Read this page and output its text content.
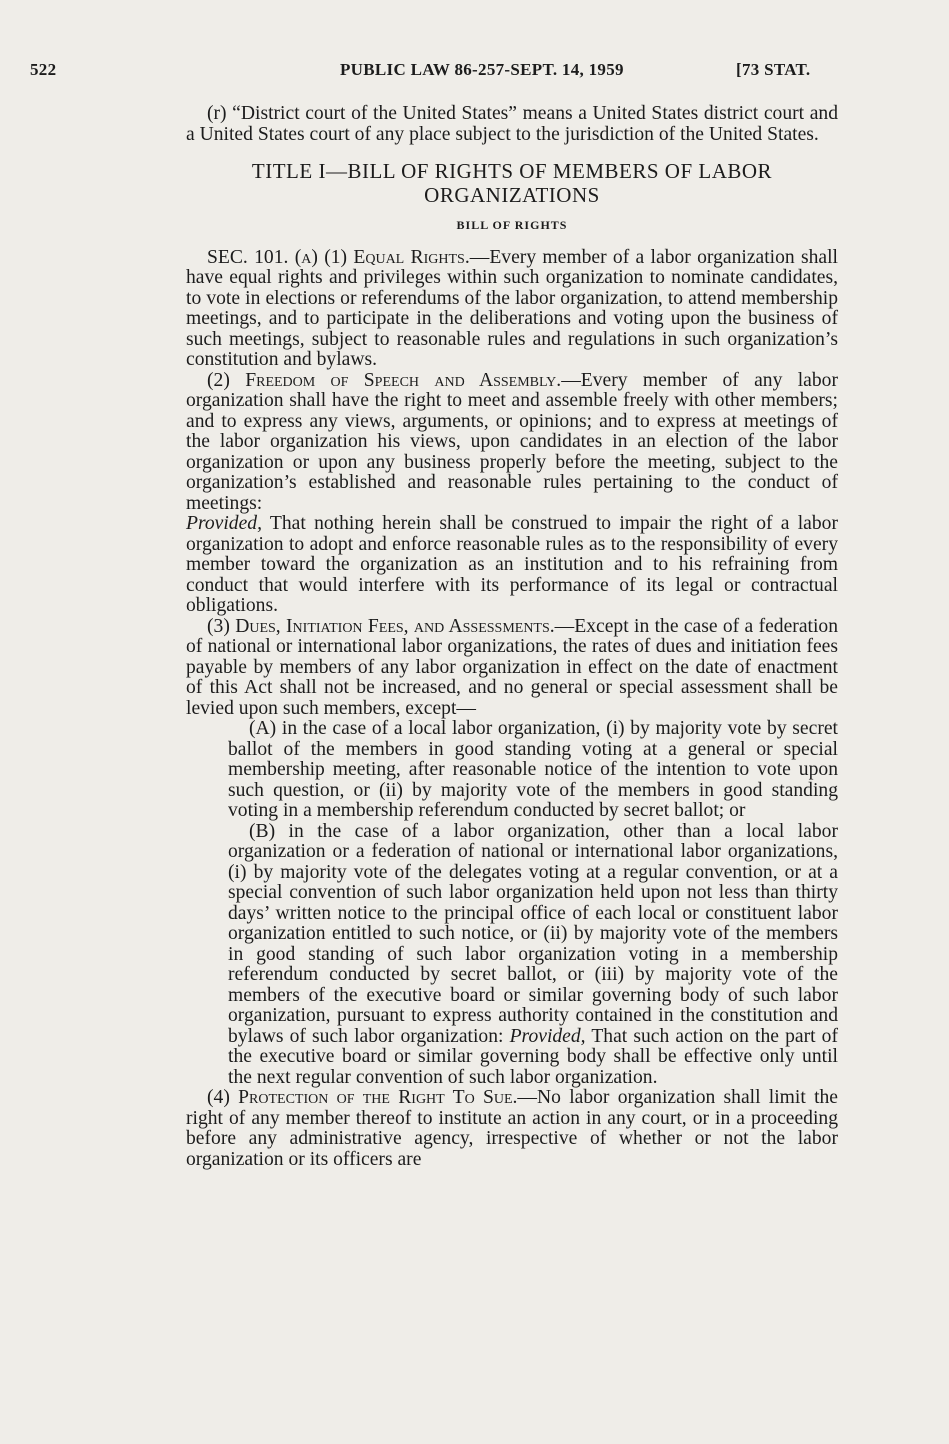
522	PUBLIC LAW 86-257-SEPT. 14, 1959	[73 STAT.

(r) “District court of the United States” means a United States district court and a United States court of any place subject to the jurisdiction of the United States.

TITLE I—BILL OF RIGHTS OF MEMBERS OF LABOR ORGANIZATIONS
BILL OF RIGHTS

SEC. 101. (a) (1) Equal Rights.—Every member of a labor organization shall have equal rights and privileges within such organization to nominate candidates, to vote in elections or referendums of the labor organization, to attend membership meetings, and to participate in the deliberations and voting upon the business of such meetings, subject to reasonable rules and regulations in such organization’s constitution and bylaws.

(2) Freedom of Speech and Assembly.—Every member of any labor organization shall have the right to meet and assemble freely with other members; and to express any views, arguments, or opinions; and to express at meetings of the labor organization his views, upon candidates in an election of the labor organization or upon any business properly before the meeting, subject to the organization’s established and reasonable rules pertaining to the conduct of meetings:
Provided, That nothing herein shall be construed to impair the right of a labor organization to adopt and enforce reasonable rules as to the responsibility of every member toward the organization as an institution and to his refraining from conduct that would interfere with its performance of its legal or contractual obligations.

(3) Dues, Initiation Fees, and Assessments.—Except in the case of a federation of national or international labor organizations, the rates of dues and initiation fees payable by members of any labor organization in effect on the date of enactment of this Act shall not be increased, and no general or special assessment shall be levied upon such members, except—

(A) in the case of a local labor organization, (i) by majority vote by secret ballot of the members in good standing voting at a general or special membership meeting, after reasonable notice of the intention to vote upon such question, or (ii) by majority vote of the members in good standing voting in a membership referendum conducted by secret ballot; or

(B) in the case of a labor organization, other than a local labor organization or a federation of national or international labor organizations, (i) by majority vote of the delegates voting at a regular convention, or at a special convention of such labor organization held upon not less than thirty days’ written notice to the principal office of each local or constituent labor organization entitled to such notice, or (ii) by majority vote of the members in good standing of such labor organization voting in a membership referendum conducted by secret ballot, or (iii) by majority vote of the members of the executive board or similar governing body of such labor organization, pursuant to express authority contained in the constitution and bylaws of such labor organization: Provided, That such action on the part of the executive board or similar governing body shall be effective only until the next regular convention of such labor organization.

(4) Protection of the Right To Sue.—No labor organization shall limit the right of any member thereof to institute an action in any court, or in a proceeding before any administrative agency, irrespective of whether or not the labor organization or its officers are
